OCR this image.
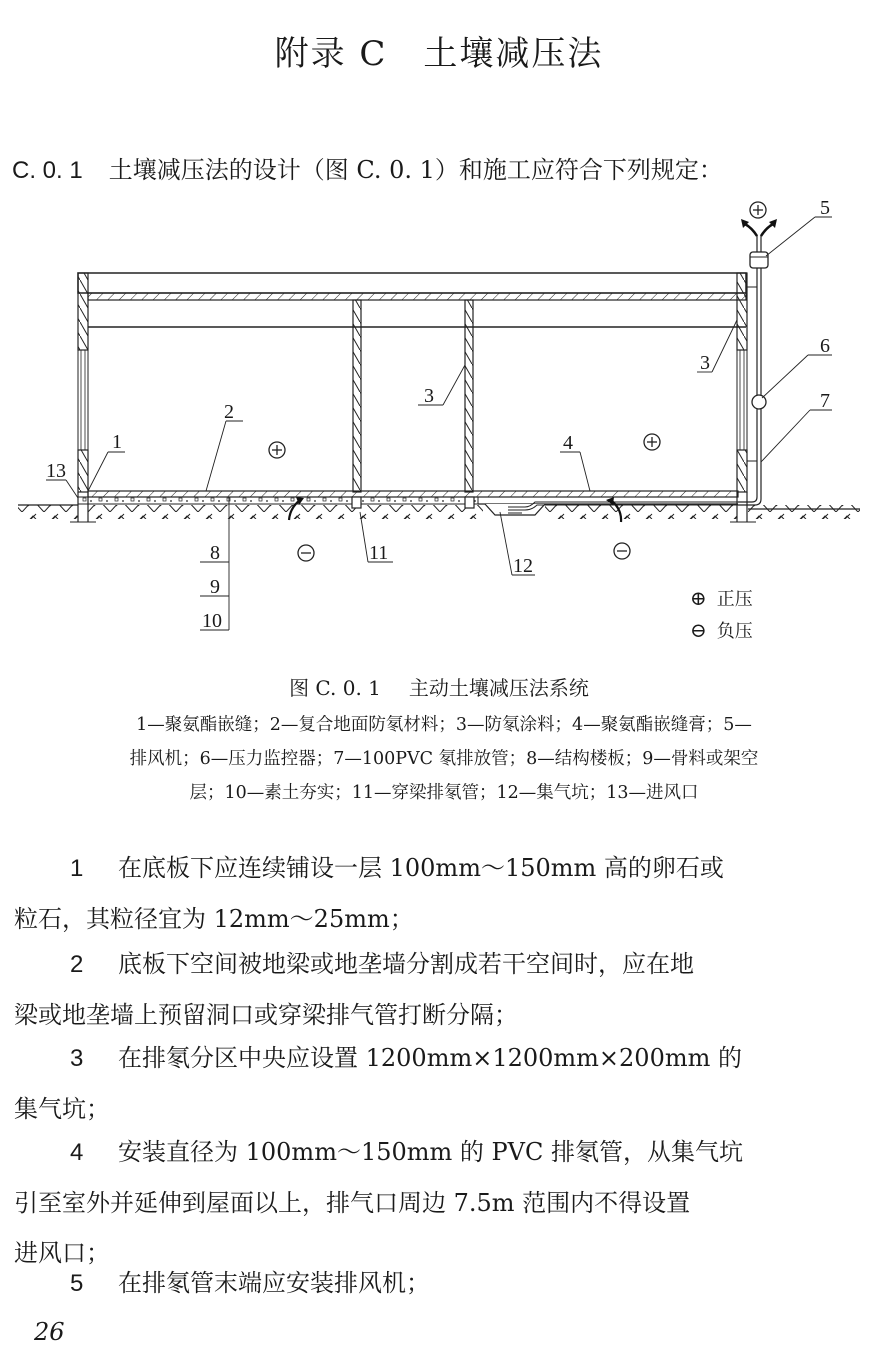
附录 C 土壤减压法
C. 0. 1 土壤减压法的设计（图 C. 0. 1）和施工应符合下列规定：
1
2
3
3
4
5
6
7
8
9
10
11
12
13
⊕ 正压
⊖ 负压
图 C. 0. 1 主动土壤减压法系统
1—聚氨酯嵌缝；2—复合地面防氡材料；3—防氡涂料；4—聚氨酯嵌缝膏；5—
排风机；6—压力监控器；7—100PVC 氡排放管；8—结构楼板；9—骨料或架空
层；10—素土夯实；11—穿梁排氡管；12—集气坑；13—进风口
1 在底板下应连续铺设一层 100mm～150mm 高的卵石或
粒石，其粒径宜为 12mm～25mm；
2 底板下空间被地梁或地垄墙分割成若干空间时，应在地
梁或地垄墙上预留洞口或穿梁排气管打断分隔；
3 在排氡分区中央应设置 1200mm×1200mm×200mm 的
集气坑；
4 安装直径为 100mm～150mm 的 PVC 排氡管，从集气坑
引至室外并延伸到屋面以上，排气口周边 7.5m 范围内不得设置
进风口；
5 在排氡管末端应安装排风机；
26
